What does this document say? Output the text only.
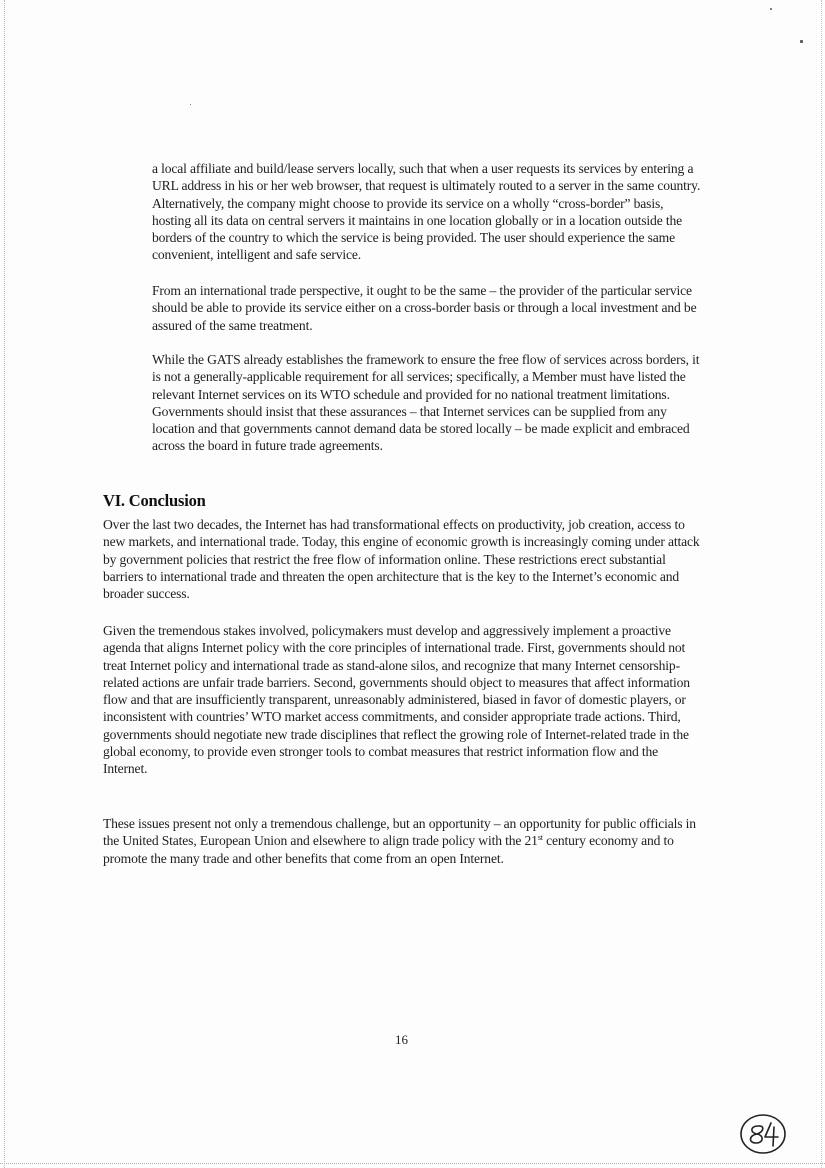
a local affiliate and build/lease servers locally, such that when a user requests its services by entering a URL address in his or her web browser, that request is ultimately routed to a server in the same country. Alternatively, the company might choose to provide its service on a wholly “cross-border” basis, hosting all its data on central servers it maintains in one location globally or in a location outside the borders of the country to which the service is being provided. The user should experience the same convenient, intelligent and safe service.

From an international trade perspective, it ought to be the same – the provider of the particular service should be able to provide its service either on a cross-border basis or through a local investment and be assured of the same treatment.

While the GATS already establishes the framework to ensure the free flow of services across borders, it is not a generally-applicable requirement for all services; specifically, a Member must have listed the relevant Internet services on its WTO schedule and provided for no national treatment limitations. Governments should insist that these assurances – that Internet services can be supplied from any location and that governments cannot demand data be stored locally – be made explicit and embraced across the board in future trade agreements.

VI. Conclusion

Over the last two decades, the Internet has had transformational effects on productivity, job creation, access to new markets, and international trade. Today, this engine of economic growth is increasingly coming under attack by government policies that restrict the free flow of information online. These restrictions erect substantial barriers to international trade and threaten the open architecture that is the key to the Internet’s economic and broader success.

Given the tremendous stakes involved, policymakers must develop and aggressively implement a proactive agenda that aligns Internet policy with the core principles of international trade. First, governments should not treat Internet policy and international trade as stand-alone silos, and recognize that many Internet censorship-related actions are unfair trade barriers. Second, governments should object to measures that affect information flow and that are insufficiently transparent, unreasonably administered, biased in favor of domestic players, or inconsistent with countries’ WTO market access commitments, and consider appropriate trade actions. Third, governments should negotiate new trade disciplines that reflect the growing role of Internet-related trade in the global economy, to provide even stronger tools to combat measures that restrict information flow and the Internet.

These issues present not only a tremendous challenge, but an opportunity – an opportunity for public officials in the United States, European Union and elsewhere to align trade policy with the 21st century economy and to promote the many trade and other benefits that come from an open Internet.

16
